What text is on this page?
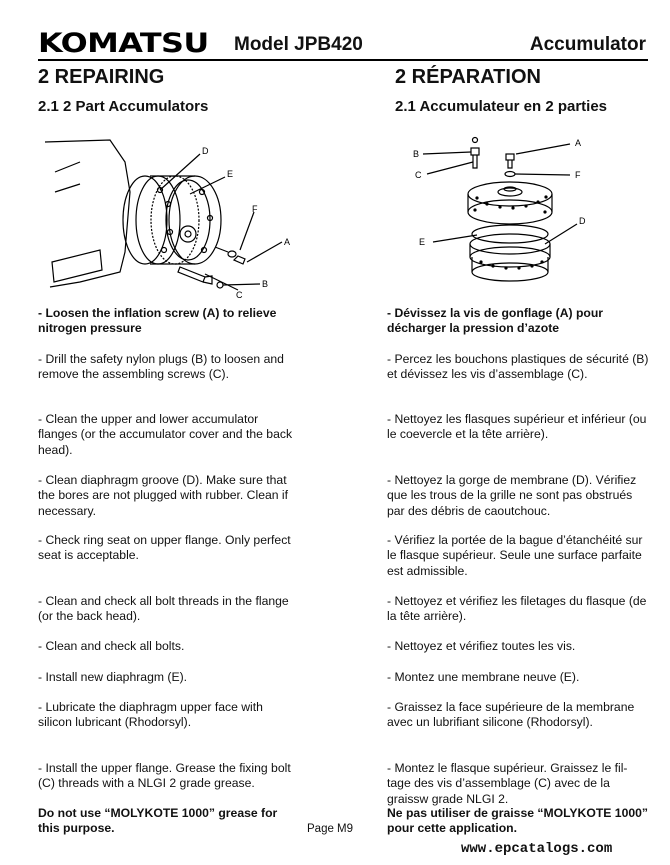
KOMATSU Model JPB420	Accumulator
2 REPAIRING	2 RÉPARATION
2.1 2 Part Accumulators	2.1 Accumulateur en 2 parties
D
E
F
A
C
B
A
B
C	F
D
E
- Loosen the inflation screw (A) to relieve nitrogen pressure
- Drill the safety nylon plugs (B) to loosen and remove the assembling screws (C).
- Clean the upper and lower accumulator flanges (or the accumulator cover and the back head).
- Clean diaphragm groove (D). Make sure that the bores are not plugged with rubber. Clean if necessary.
- Check ring seat on upper flange. Only perfect seat is acceptable.
- Clean and check all bolt threads in the flange (or the back head).
- Clean and check all bolts.
- Install new diaphragm (E).
- Lubricate the diaphragm upper face with silicon lubricant (Rhodorsyl).
- Install the upper flange. Grease the fixing bolt (C) threads with a NLGI 2 grade grease.
Do not use “MOLYKOTE 1000” grease for this purpose.
- Dévissez la vis de gonflage (A) pour décharger la pression d’azote
- Percez les bouchons plastiques de sécurité (B) et dévissez les vis d’assemblage (C).
- Nettoyez les flasques supérieur et inférieur (ou le coevercle et la tête arrière).
- Nettoyez la gorge de membrane (D). Vérifiez que les trous de la grille ne sont pas obstrués par des débris de caoutchouc.
- Vérifiez la portée de la bague d’étanchéité sur le flasque supérieur. Seule une surface parfaite est admissible.
- Nettoyez et vérifiez les filetages du flasque (de la tête arrière).
- Nettoyez et vérifiez toutes les vis.
- Montez une membrane neuve (E).
- Graissez la face supérieure de la membrane avec un lubrifiant silicone (Rhodorsyl).
- Montez le flasque supérieur. Graissez le fil-tage des vis d’assemblage (C) avec de la graissw grade NLGI 2.
Ne pas utiliser de graisse “MOLYKOTE 1000” pour cette application.
Page M9
www.epcatalogs.com
